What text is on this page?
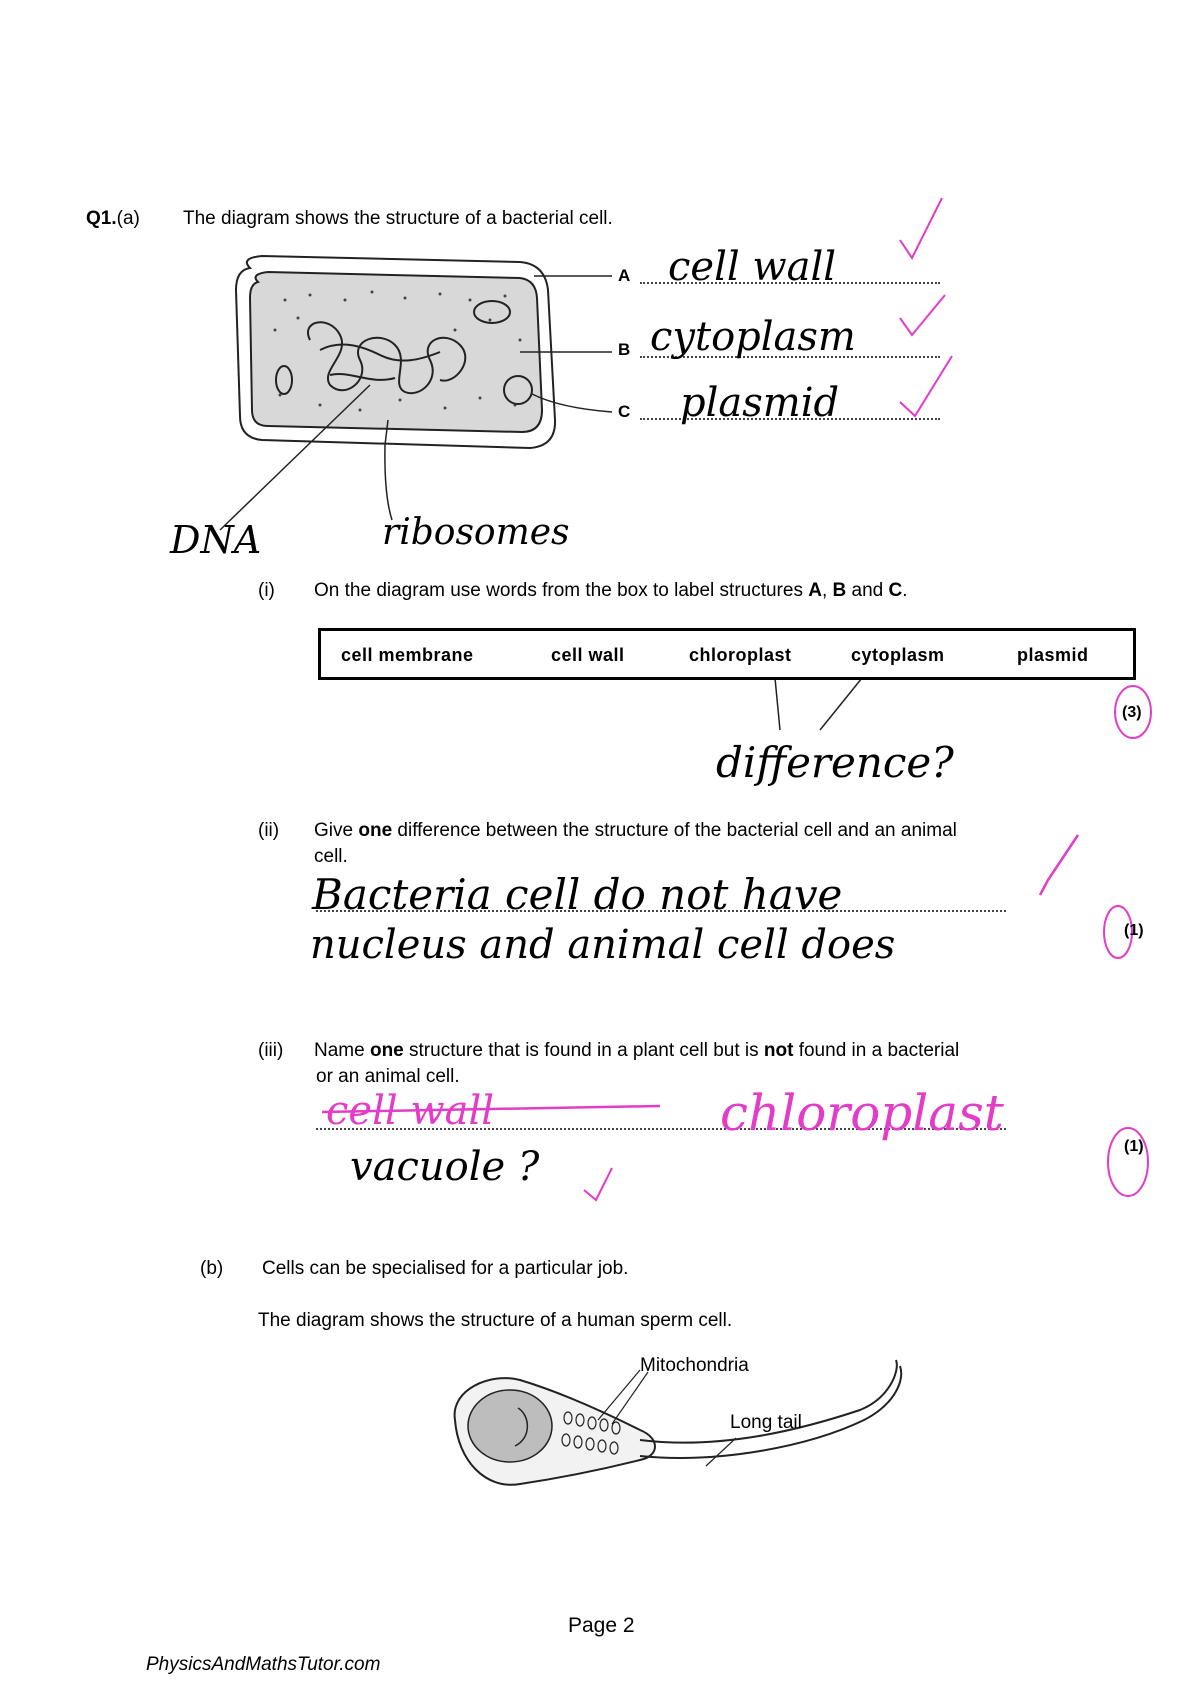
Q1.(a) The diagram shows the structure of a bacterial cell.
A
B
C
cell wall
cytoplasm
plasmid
DNA	ribosomes
(i) On the diagram use words from the box to label structures A, B and C.
cell membrane	cell wall	chloroplast	cytoplasm	plasmid
(3)
difference?
(ii) Give one difference between the structure of the bacterial cell and an animal
cell.
Bacteria cell do not have
nucleus and animal cell does	(1)
(iii) Name one structure that is found in a plant cell but is not found in a bacterial
or an animal cell.
cell wall	chloroplast
vacuole ?	(1)
(b) Cells can be specialised for a particular job.
The diagram shows the structure of a human sperm cell.
Mitochondria
Long tail
Page 2
PhysicsAndMathsTutor.com
